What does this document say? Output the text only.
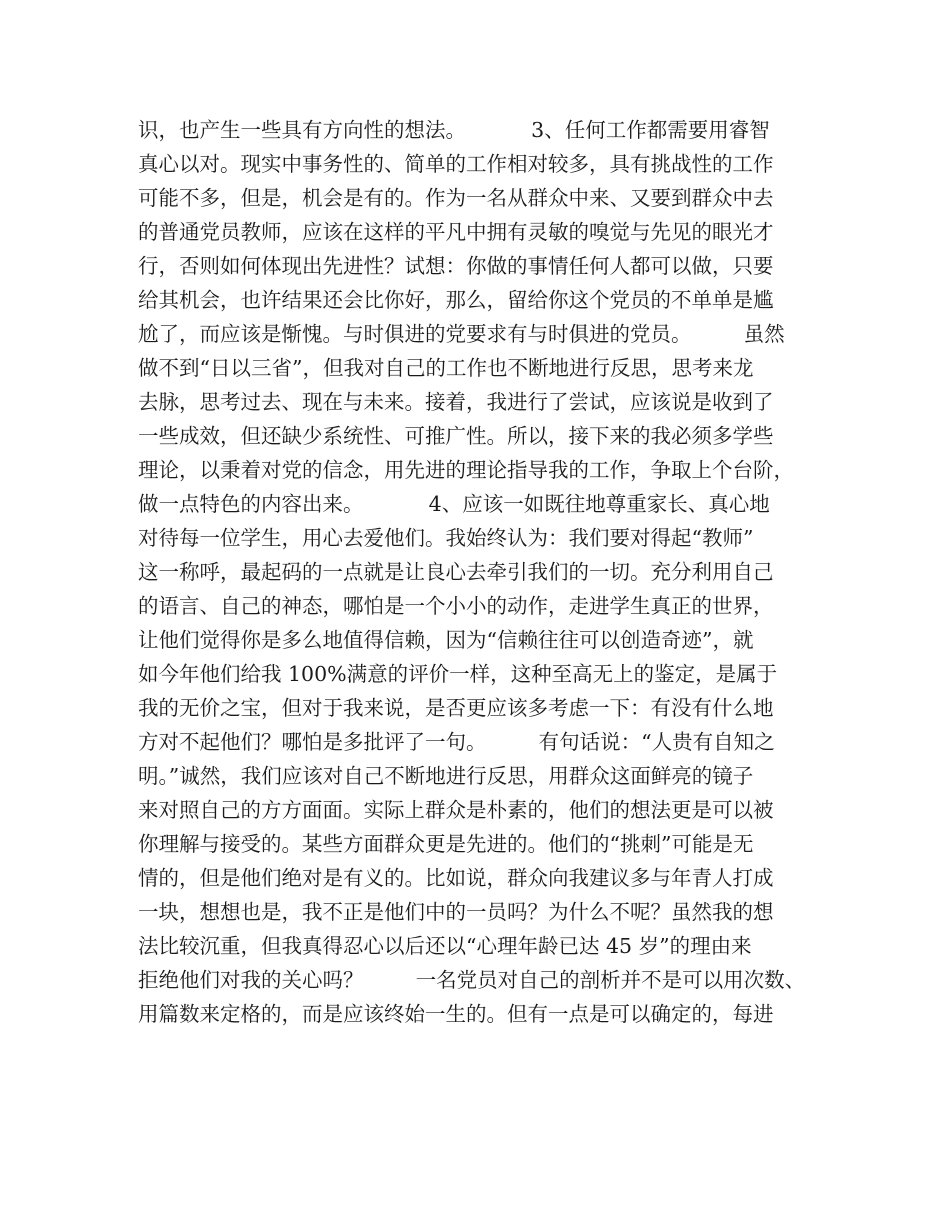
识，也产生一些具有方向性的想法。          3、任何工作都需要用睿智
真心以对。现实中事务性的、简单的工作相对较多，具有挑战性的工作
可能不多，但是，机会是有的。作为一名从群众中来、又要到群众中去
的普通党员教师，应该在这样的平凡中拥有灵敏的嗅觉与先见的眼光才
行，否则如何体现出先进性？试想：你做的事情任何人都可以做，只要
给其机会，也许结果还会比你好，那么，留给你这个党员的不单单是尴
尬了，而应该是惭愧。与时俱进的党要求有与时俱进的党员。        虽然
做不到“日以三省”，但我对自己的工作也不断地进行反思，思考来龙
去脉，思考过去、现在与未来。接着，我进行了尝试，应该说是收到了
一些成效，但还缺少系统性、可推广性。所以，接下来的我必须多学些
理论，以秉着对党的信念，用先进的理论指导我的工作，争取上个台阶，
做一点特色的内容出来。          4、应该一如既往地尊重家长、真心地
对待每一位学生，用心去爱他们。我始终认为：我们要对得起“教师”
这一称呼，最起码的一点就是让良心去牵引我们的一切。充分利用自己
的语言、自己的神态，哪怕是一个小小的动作，走进学生真正的世界，
让他们觉得你是多么地值得信赖，因为“信赖往往可以创造奇迹”，就
如今年他们给我 100%满意的评价一样，这种至高无上的鉴定，是属于
我的无价之宝，但对于我来说，是否更应该多考虑一下：有没有什么地
方对不起他们？哪怕是多批评了一句。        有句话说：“人贵有自知之
明。”诚然，我们应该对自己不断地进行反思，用群众这面鲜亮的镜子
来对照自己的方方面面。实际上群众是朴素的，他们的想法更是可以被
你理解与接受的。某些方面群众更是先进的。他们的“挑刺”可能是无
情的，但是他们绝对是有义的。比如说，群众向我建议多与年青人打成
一块，想想也是，我不正是他们中的一员吗？为什么不呢？虽然我的想
法比较沉重，但我真得忍心以后还以“心理年龄已达 45 岁”的理由来
拒绝他们对我的关心吗？        一名党员对自己的剖析并不是可以用次数、
用篇数来定格的，而是应该终始一生的。但有一点是可以确定的，每进
